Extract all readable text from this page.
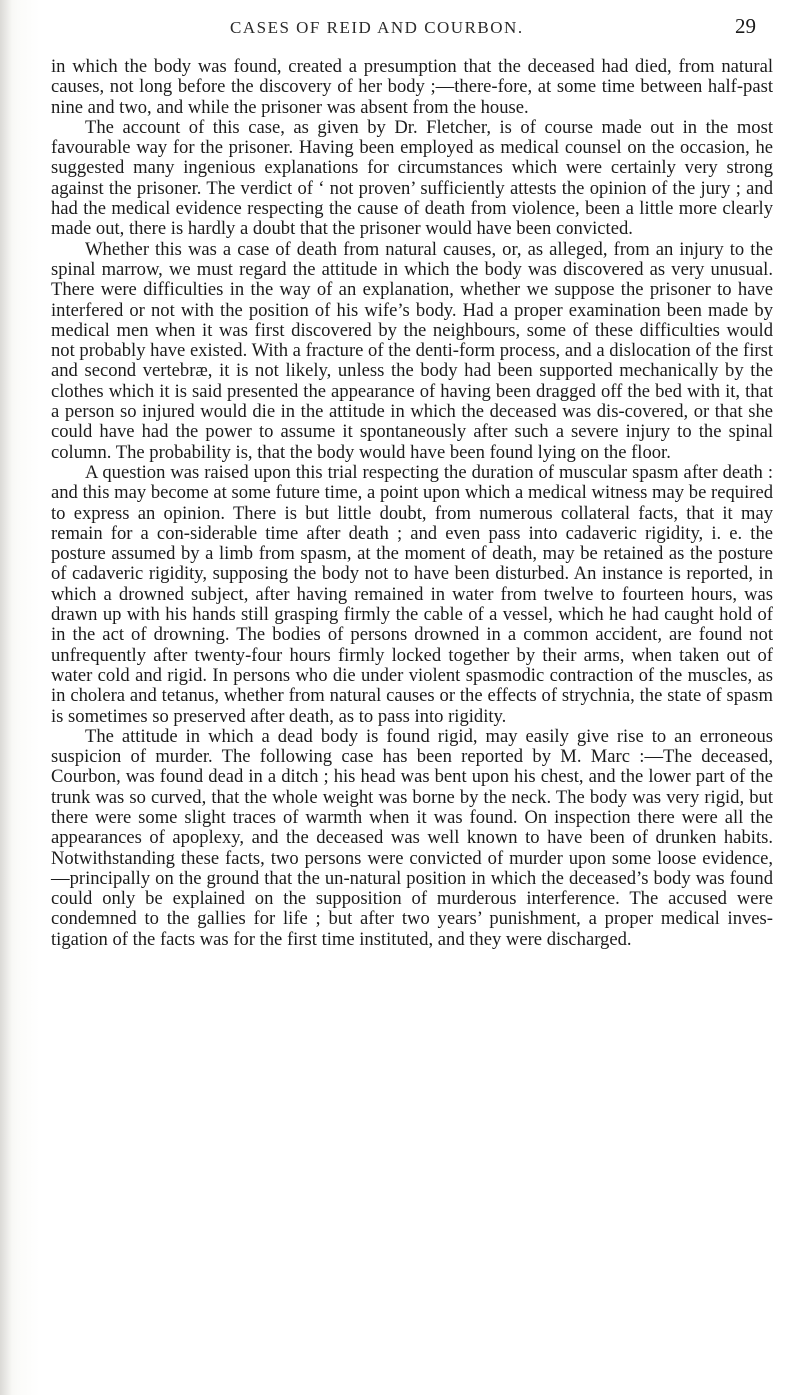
CASES OF REID AND COURBON.	29

in which the body was found, created a presumption that the deceased had died, from natural causes, not long before the discovery of her body ;—there-fore, at some time between half-past nine and two, and while the prisoner was absent from the house.

The account of this case, as given by Dr. Fletcher, is of course made out in the most favourable way for the prisoner. Having been employed as medical counsel on the occasion, he suggested many ingenious explanations for circumstances which were certainly very strong against the prisoner. The verdict of ‘ not proven’ sufficiently attests the opinion of the jury ; and had the medical evidence respecting the cause of death from violence, been a little more clearly made out, there is hardly a doubt that the prisoner would have been convicted.

Whether this was a case of death from natural causes, or, as alleged, from an injury to the spinal marrow, we must regard the attitude in which the body was discovered as very unusual. There were difficulties in the way of an explanation, whether we suppose the prisoner to have interfered or not with the position of his wife’s body. Had a proper examination been made by medical men when it was first discovered by the neighbours, some of these difficulties would not probably have existed. With a fracture of the denti-form process, and a dislocation of the first and second vertebræ, it is not likely, unless the body had been supported mechanically by the clothes which it is said presented the appearance of having been dragged off the bed with it, that a person so injured would die in the attitude in which the deceased was dis-covered, or that she could have had the power to assume it spontaneously after such a severe injury to the spinal column. The probability is, that the body would have been found lying on the floor.

A question was raised upon this trial respecting the duration of muscular spasm after death : and this may become at some future time, a point upon which a medical witness may be required to express an opinion. There is but little doubt, from numerous collateral facts, that it may remain for a con-siderable time after death ; and even pass into cadaveric rigidity, i. e. the posture assumed by a limb from spasm, at the moment of death, may be retained as the posture of cadaveric rigidity, supposing the body not to have been disturbed. An instance is reported, in which a drowned subject, after having remained in water from twelve to fourteen hours, was drawn up with his hands still grasping firmly the cable of a vessel, which he had caught hold of in the act of drowning. The bodies of persons drowned in a common accident, are found not unfrequently after twenty-four hours firmly locked together by their arms, when taken out of water cold and rigid. In persons who die under violent spasmodic contraction of the muscles, as in cholera and tetanus, whether from natural causes or the effects of strychnia, the state of spasm is sometimes so preserved after death, as to pass into rigidity.

The attitude in which a dead body is found rigid, may easily give rise to an erroneous suspicion of murder. The following case has been reported by M. Marc :—The deceased, Courbon, was found dead in a ditch ; his head was bent upon his chest, and the lower part of the trunk was so curved, that the whole weight was borne by the neck. The body was very rigid, but there were some slight traces of warmth when it was found. On inspection there were all the appearances of apoplexy, and the deceased was well known to have been of drunken habits. Notwithstanding these facts, two persons were convicted of murder upon some loose evidence,—principally on the ground that the un-natural position in which the deceased’s body was found could only be explained on the supposition of murderous interference. The accused were condemned to the gallies for life ; but after two years’ punishment, a proper medical inves-tigation of the facts was for the first time instituted, and they were discharged.
